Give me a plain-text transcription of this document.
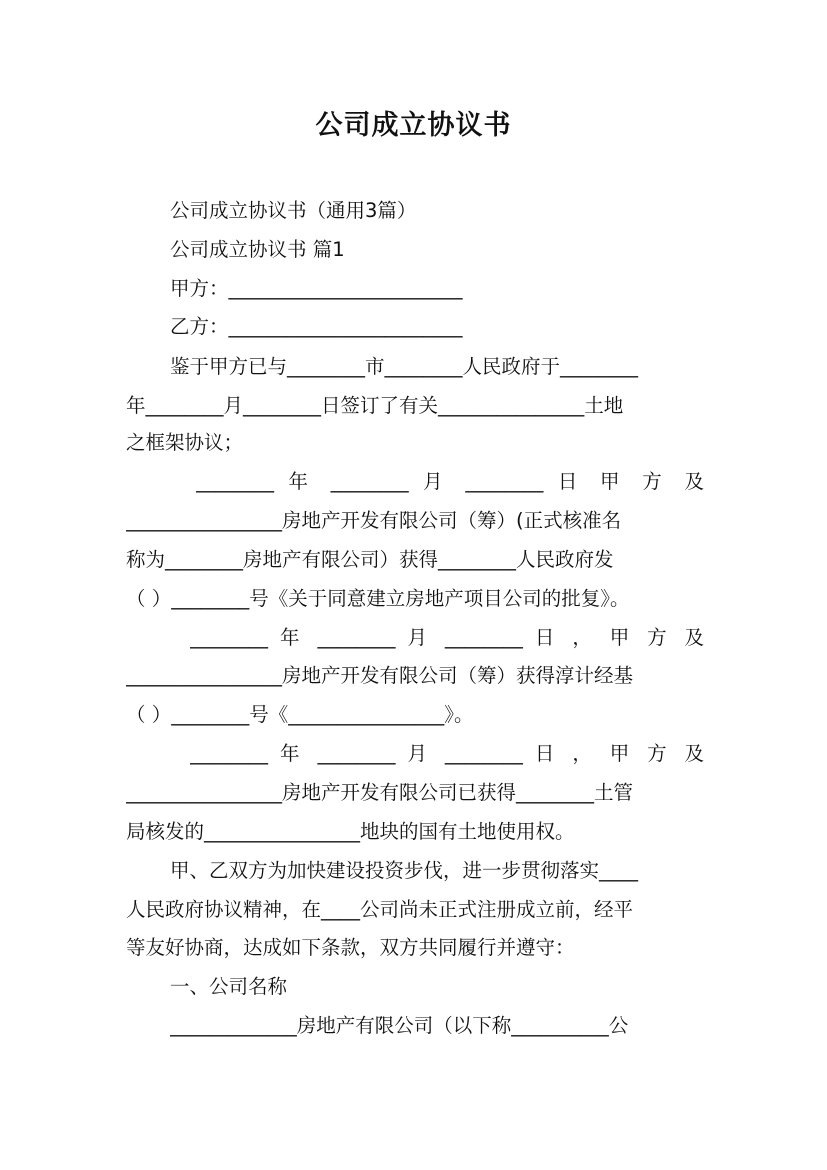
公司成立协议书
公司成立协议书（通用3篇）
公司成立协议书 篇1
甲方：________________________
乙方：________________________
鉴于甲方已与________市________人民政府于________
年________月________日签订了有关_______________土地
之框架协议；
________ 年 ________ 月 ________ 日 甲 方 及
________________房地产开发有限公司（筹）(正式核准名
称为________房地产有限公司）获得________人民政府发
（ ）________号《关于同意建立房地产项目公司的批复》。
________ 年 ________ 月 ________ 日 ， 甲 方 及
________________房地产开发有限公司（筹）获得淳计经基
（ ）________号《________________》。
________ 年 ________ 月 ________ 日 ， 甲 方 及
________________房地产开发有限公司已获得________土管
局核发的________________地块的国有土地使用权。
甲、乙双方为加快建设投资步伐，进一步贯彻落实____
人民政府协议精神，在____公司尚未正式注册成立前，经平
等友好协商，达成如下条款，双方共同履行并遵守：
一、公司名称
_____________房地产有限公司（以下称__________公
